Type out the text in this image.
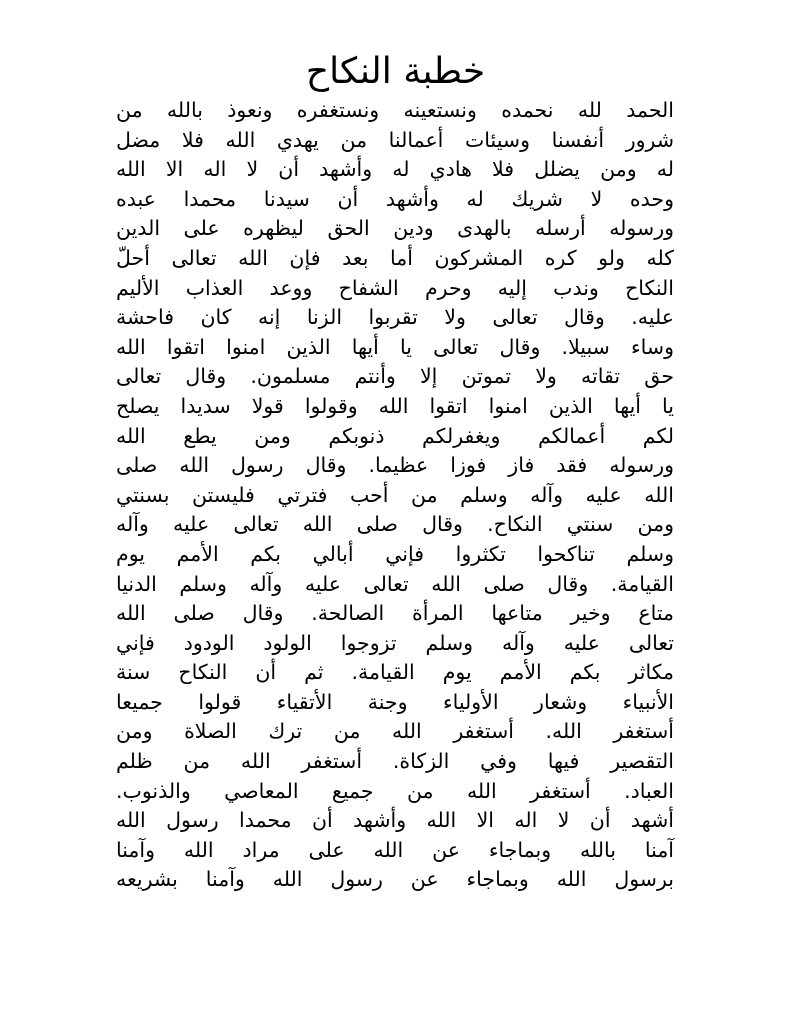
خطبة النكاح
الحمد لله نحمده ونستعينه ونستغفره ونعوذ بالله من
شرور أنفسنا وسيئات أعمالنا من يهدي الله فلا مضل
له ومن يضلل فلا هادي له وأشهد أن لا اله الا الله
وحده لا شريك له وأشهد أن سيدنا محمدا عبده
ورسوله أرسله بالهدى ودين الحق ليظهره على الدين
كله ولو كره المشركون أما بعد فإن الله تعالى أحلّ
النكاح وندب إليه وحرم الشفاح ووعد العذاب الأليم
عليه. وقال تعالى ولا تقربوا الزنا إنه كان فاحشة
وساء سبيلا. وقال تعالى يا أيها الذين امنوا اتقوا الله
حق تقاته ولا تموتن إلا وأنتم مسلمون. وقال تعالى
يا أيها الذين امنوا اتقوا الله وقولوا قولا سديدا يصلح
لكم أعمالكم ويغفرلكم ذنوبكم ومن يطع الله
ورسوله فقد فاز فوزا عظيما. وقال رسول الله صلى
الله عليه وآله وسلم من أحب فترتي فليستن بسنتي
ومن سنتي النكاح. وقال صلى الله تعالى عليه وآله
وسلم تناكحوا تكثروا فإني أبالي بكم الأمم يوم
القيامة. وقال صلى الله تعالى عليه وآله وسلم الدنيا
متاع وخير متاعها المرأة الصالحة. وقال صلى الله
تعالى عليه وآله وسلم تزوجوا الولود الودود فإني
مكاثر بكم الأمم يوم القيامة. ثم أن النكاح سنة
الأنبياء وشعار الأولياء وجنة الأتقياء قولوا جميعا
أستغفر الله. أستغفر الله من ترك الصلاة ومن
التقصير فيها وفي الزكاة. أستغفر الله من ظلم
العباد. أستغفر الله من جميع المعاصي والذنوب.
أشهد أن لا اله الا الله وأشهد أن محمدا رسول الله
آمنا بالله وبماجاء عن الله على مراد الله وآمنا
برسول الله وبماجاء عن رسول الله وآمنا بشريعه
